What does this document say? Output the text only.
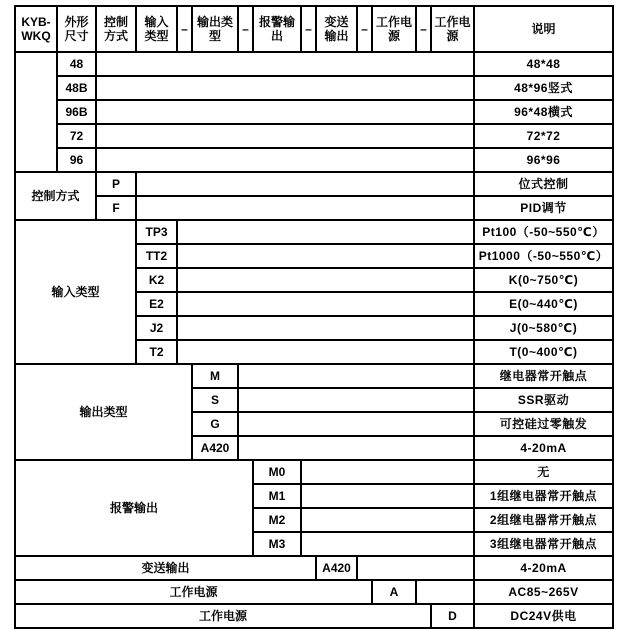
KYB-WKQ	外形尺寸	控制方式	输入类型	–	输出类型	–	报警输出	–	变送输出	–	工作电源	–	工作电源	说明
	48													48*48
	48B													48*96竖式
	96B													96*48横式
	72													72*72
	96													96*96
控制方式		P												位式控制
		F												PID调节
输入类型			TP3											Pt100（-50~550℃）
			TT2											Pt1000（-50~550℃）
			K2											K(0~750℃)
			E2											E(0~440℃)
			J2											J(0~580℃)
			T2											T(0~400℃)
输出类型					M									继电器常开触点
					S									SSR驱动
					G									可控硅过零触发
					A420									4-20mA
报警输出							M0							无
							M1							1组继电器常开触点
							M2							2组继电器常开触点
							M3							3组继电器常开触点
变送输出									A420					4-20mA
工作电源											A			AC85~265V
工作电源													D	DC24V供电
